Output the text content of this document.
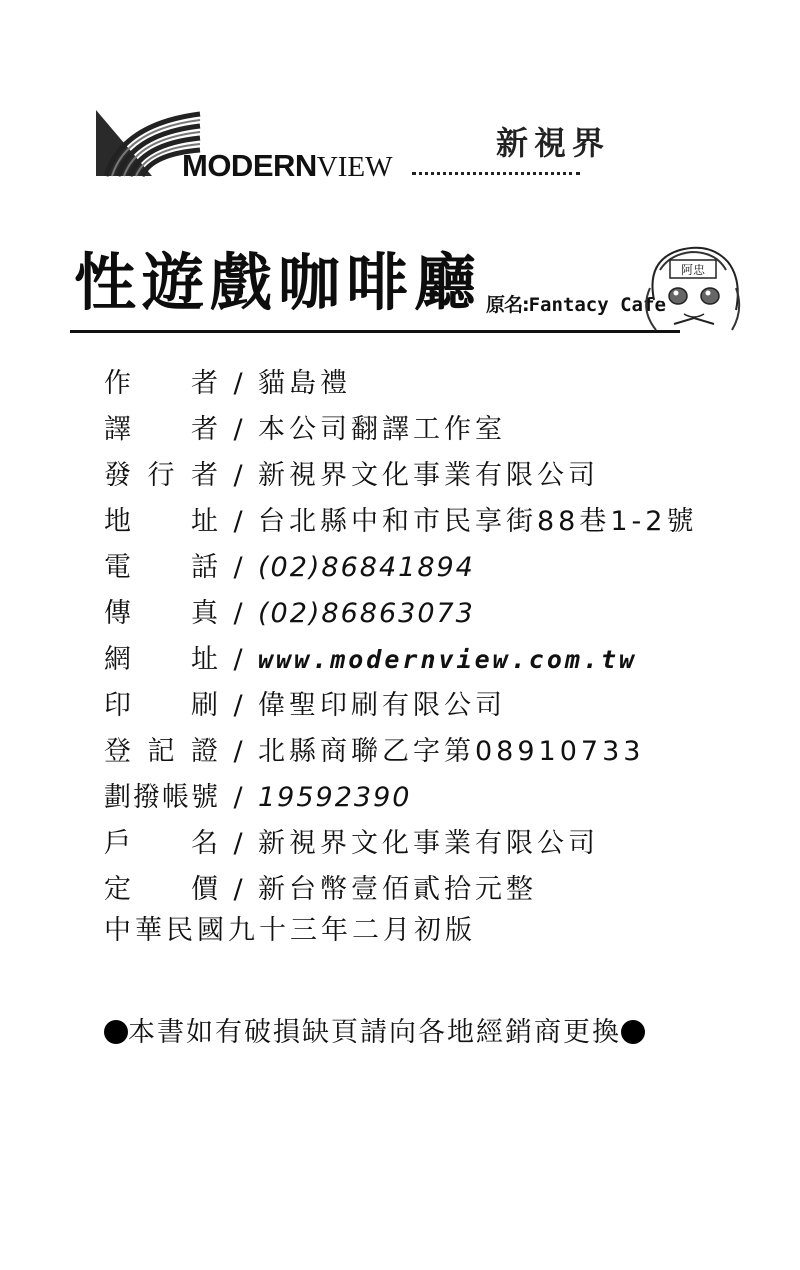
MODERNVIEW
新視界
性遊戲咖啡廳 原名:Fantacy Cafe
阿忠
作者 / 貓島禮
譯者 / 本公司翻譯工作室
發行者 / 新視界文化事業有限公司
地址 / 台北縣中和市民享街88巷1-2號
電話 / (02)86841894
傳真 / (02)86863073
網址 / www.modernview.com.tw
印刷 / 偉聖印刷有限公司
登記證 / 北縣商聯乙字第08910733
劃撥帳號 / 19592390
戶名 / 新視界文化事業有限公司
定價 / 新台幣壹佰貳拾元整
中華民國九十三年二月初版
本書如有破損缺頁請向各地經銷商更換
